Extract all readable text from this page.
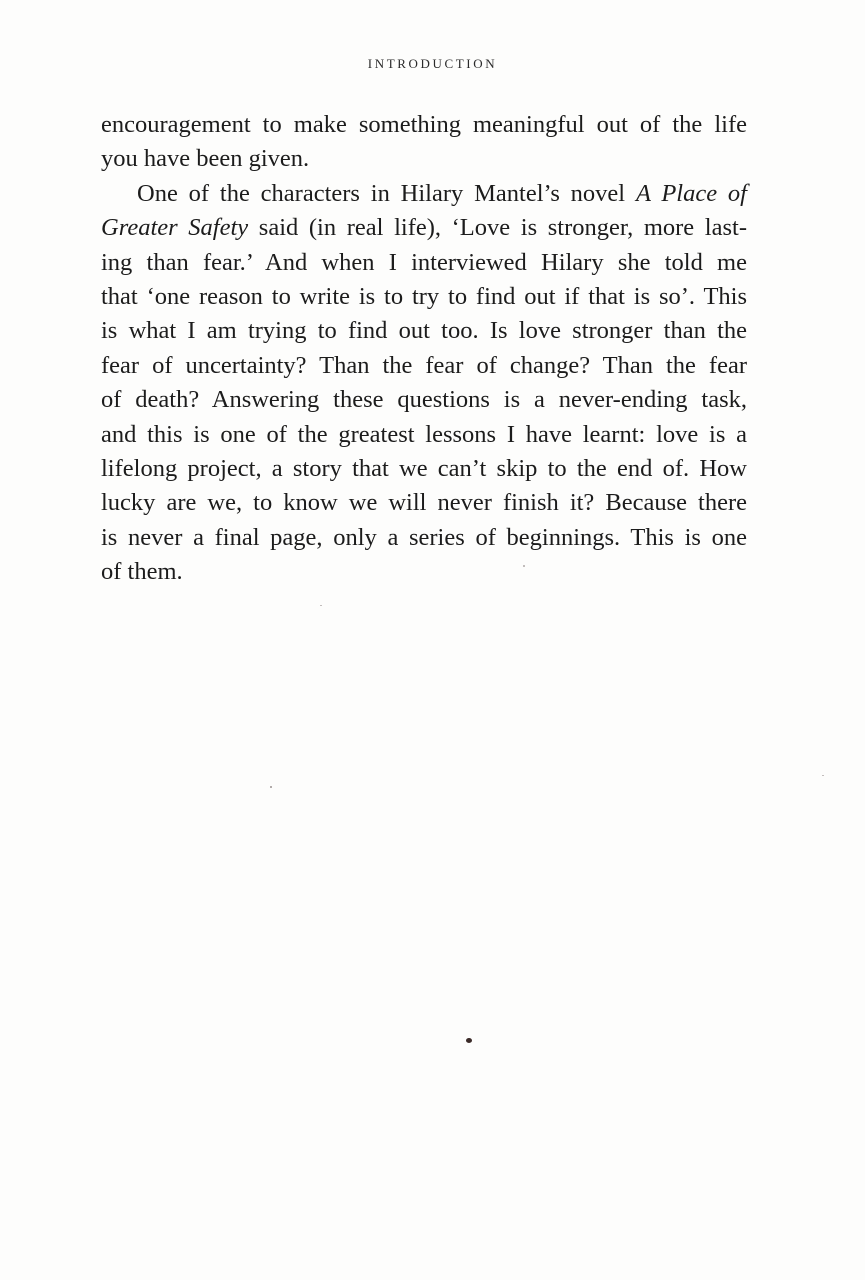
INTRODUCTION
encouragement to make something meaningful out of the life
you have been given.
One of the characters in Hilary Mantel’s novel A Place of
Greater Safety said (in real life), ‘Love is stronger, more last-
ing than fear.’ And when I interviewed Hilary she told me
that ‘one reason to write is to try to find out if that is so’. This
is what I am trying to find out too. Is love stronger than the
fear of uncertainty? Than the fear of change? Than the fear
of death? Answering these questions is a never-ending task,
and this is one of the greatest lessons I have learnt: love is a
lifelong project, a story that we can’t skip to the end of. How
lucky are we, to know we will never finish it? Because there
is never a final page, only a series of beginnings. This is one
of them.
